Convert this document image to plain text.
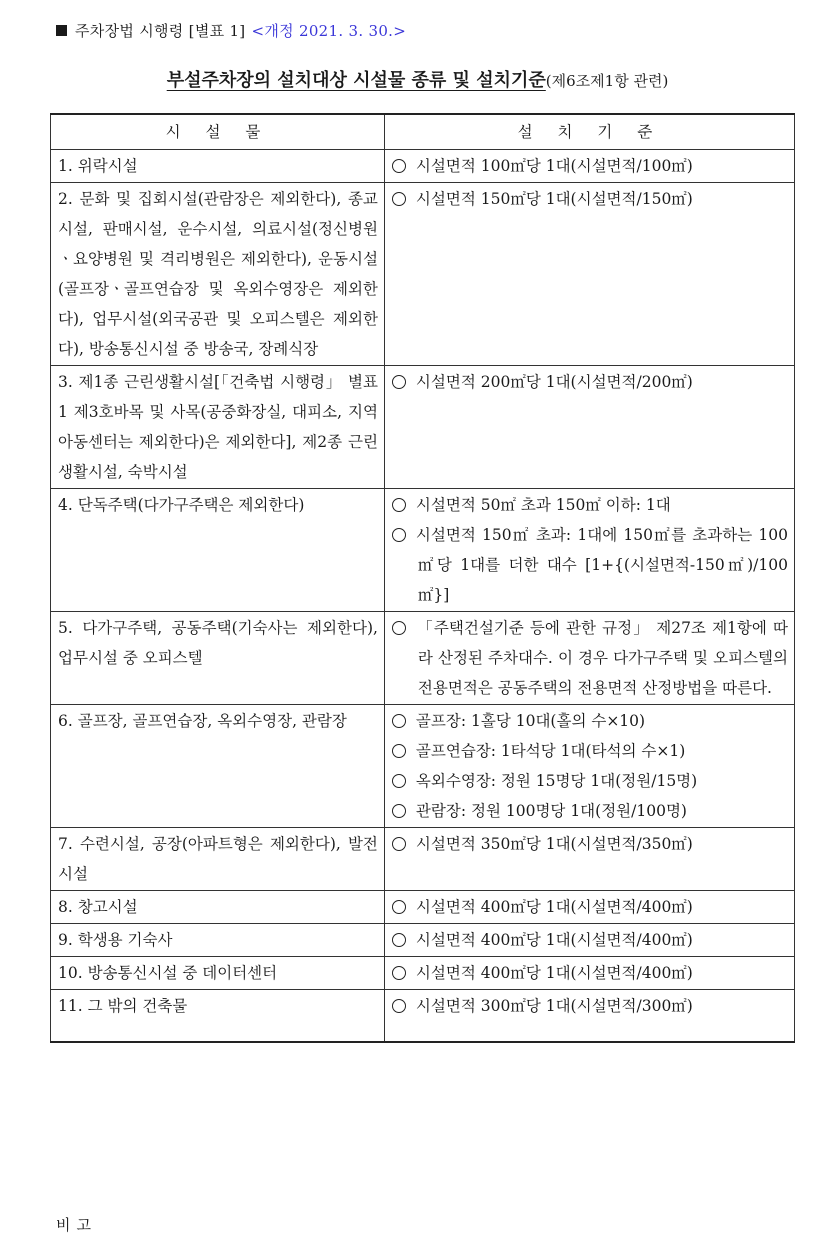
주차장법 시행령 [별표 1] <개정 2021. 3. 30.>
부설주차장의 설치대상 시설물 종류 및 설치기준(제6조제1항 관련)
시 설 물	설 치 기 준
1. 위락시설	시설면적 100㎡당 1대(시설면적/100㎡)

2. 문화 및 집회시설(관람장은 제외한다), 종교시설, 판매시설, 운수시설, 의료시설(정신병원ㆍ요양병원 및 격리병원은 제외한다), 운동시설(골프장ㆍ골프연습장 및 옥외수영장은 제외한다), 업무시설(외국공관 및 오피스텔은 제외한다), 방송통신시설 중 방송국, 장례식장	시설면적 150㎡당 1대(시설면적/150㎡)

3. 제1종 근린생활시설[「건축법 시행령」 별표 1 제3호바목 및 사목(공중화장실, 대피소, 지역아동센터는 제외한다)은 제외한다], 제2종 근린생활시설, 숙박시설	시설면적 200㎡당 1대(시설면적/200㎡)

4. 단독주택(다가구주택은 제외한다)	시설면적 50㎡ 초과 150㎡ 이하: 1대
시설면적 150㎡ 초과: 1대에 150㎡를 초과하는 100㎡당 1대를 더한 대수 [1+{(시설면적-150㎡)/100㎡}]

5. 다가구주택, 공동주택(기숙사는 제외한다), 업무시설 중 오피스텔	「주택건설기준 등에 관한 규정」 제27조 제1항에 따라 산정된 주차대수. 이 경우 다가구주택 및 오피스텔의 전용면적은 공동주택의 전용면적 산정방법을 따른다.

6. 골프장, 골프연습장, 옥외수영장, 관람장	골프장: 1홀당 10대(홀의 수×10)
골프연습장: 1타석당 1대(타석의 수×1)
옥외수영장: 정원 15명당 1대(정원/15명)
관람장: 정원 100명당 1대(정원/100명)

7. 수련시설, 공장(아파트형은 제외한다), 발전시설	시설면적 350㎡당 1대(시설면적/350㎡)

8. 창고시설	시설면적 400㎡당 1대(시설면적/400㎡)

9. 학생용 기숙사	시설면적 400㎡당 1대(시설면적/400㎡)

10. 방송통신시설 중 데이터센터	시설면적 400㎡당 1대(시설면적/400㎡)

11. 그 밖의 건축물	시설면적 300㎡당 1대(시설면적/300㎡)
비고
